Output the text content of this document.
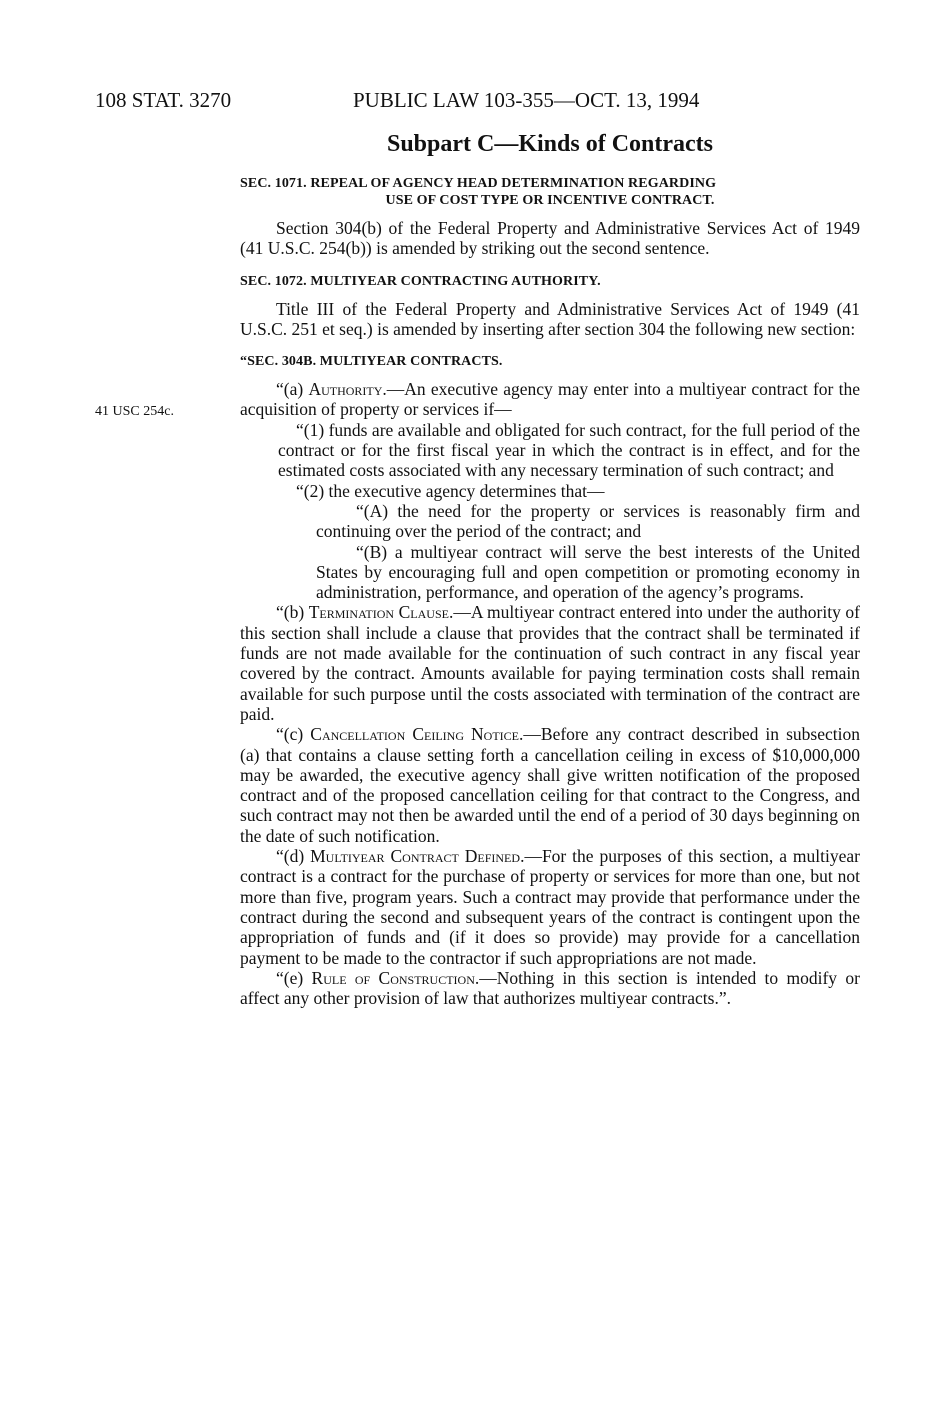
108 STAT. 3270	PUBLIC LAW 103-355—OCT. 13, 1994
Subpart C—Kinds of Contracts
41 USC 254c.
SEC. 1071. REPEAL OF AGENCY HEAD DETERMINATION REGARDING
USE OF COST TYPE OR INCENTIVE CONTRACT.

Section 304(b) of the Federal Property and Administrative Services Act of 1949 (41 U.S.C. 254(b)) is amended by striking out the second sentence.

SEC. 1072. MULTIYEAR CONTRACTING AUTHORITY.

Title III of the Federal Property and Administrative Services Act of 1949 (41 U.S.C. 251 et seq.) is amended by inserting after section 304 the following new section:

“SEC. 304B. MULTIYEAR CONTRACTS.

“(a) Authority.—An executive agency may enter into a multiyear contract for the acquisition of property or services if—

“(1) funds are available and obligated for such contract, for the full period of the contract or for the first fiscal year in which the contract is in effect, and for the estimated costs associated with any necessary termination of such contract; and

“(2) the executive agency determines that—

“(A) the need for the property or services is reasonably firm and continuing over the period of the contract; and

“(B) a multiyear contract will serve the best interests of the United States by encouraging full and open competition or promoting economy in administration, performance, and operation of the agency’s programs.

“(b) Termination Clause.—A multiyear contract entered into under the authority of this section shall include a clause that provides that the contract shall be terminated if funds are not made available for the continuation of such contract in any fiscal year covered by the contract. Amounts available for paying termination costs shall remain available for such purpose until the costs associated with termination of the contract are paid.

“(c) Cancellation Ceiling Notice.—Before any contract described in subsection (a) that contains a clause setting forth a cancellation ceiling in excess of $10,000,000 may be awarded, the executive agency shall give written notification of the proposed contract and of the proposed cancellation ceiling for that contract to the Congress, and such contract may not then be awarded until the end of a period of 30 days beginning on the date of such notification.

“(d) Multiyear Contract Defined.—For the purposes of this section, a multiyear contract is a contract for the purchase of property or services for more than one, but not more than five, program years. Such a contract may provide that performance under the contract during the second and subsequent years of the contract is contingent upon the appropriation of funds and (if it does so provide) may provide for a cancellation payment to be made to the contractor if such appropriations are not made.

“(e) Rule of Construction.—Nothing in this section is intended to modify or affect any other provision of law that authorizes multiyear contracts.”.
